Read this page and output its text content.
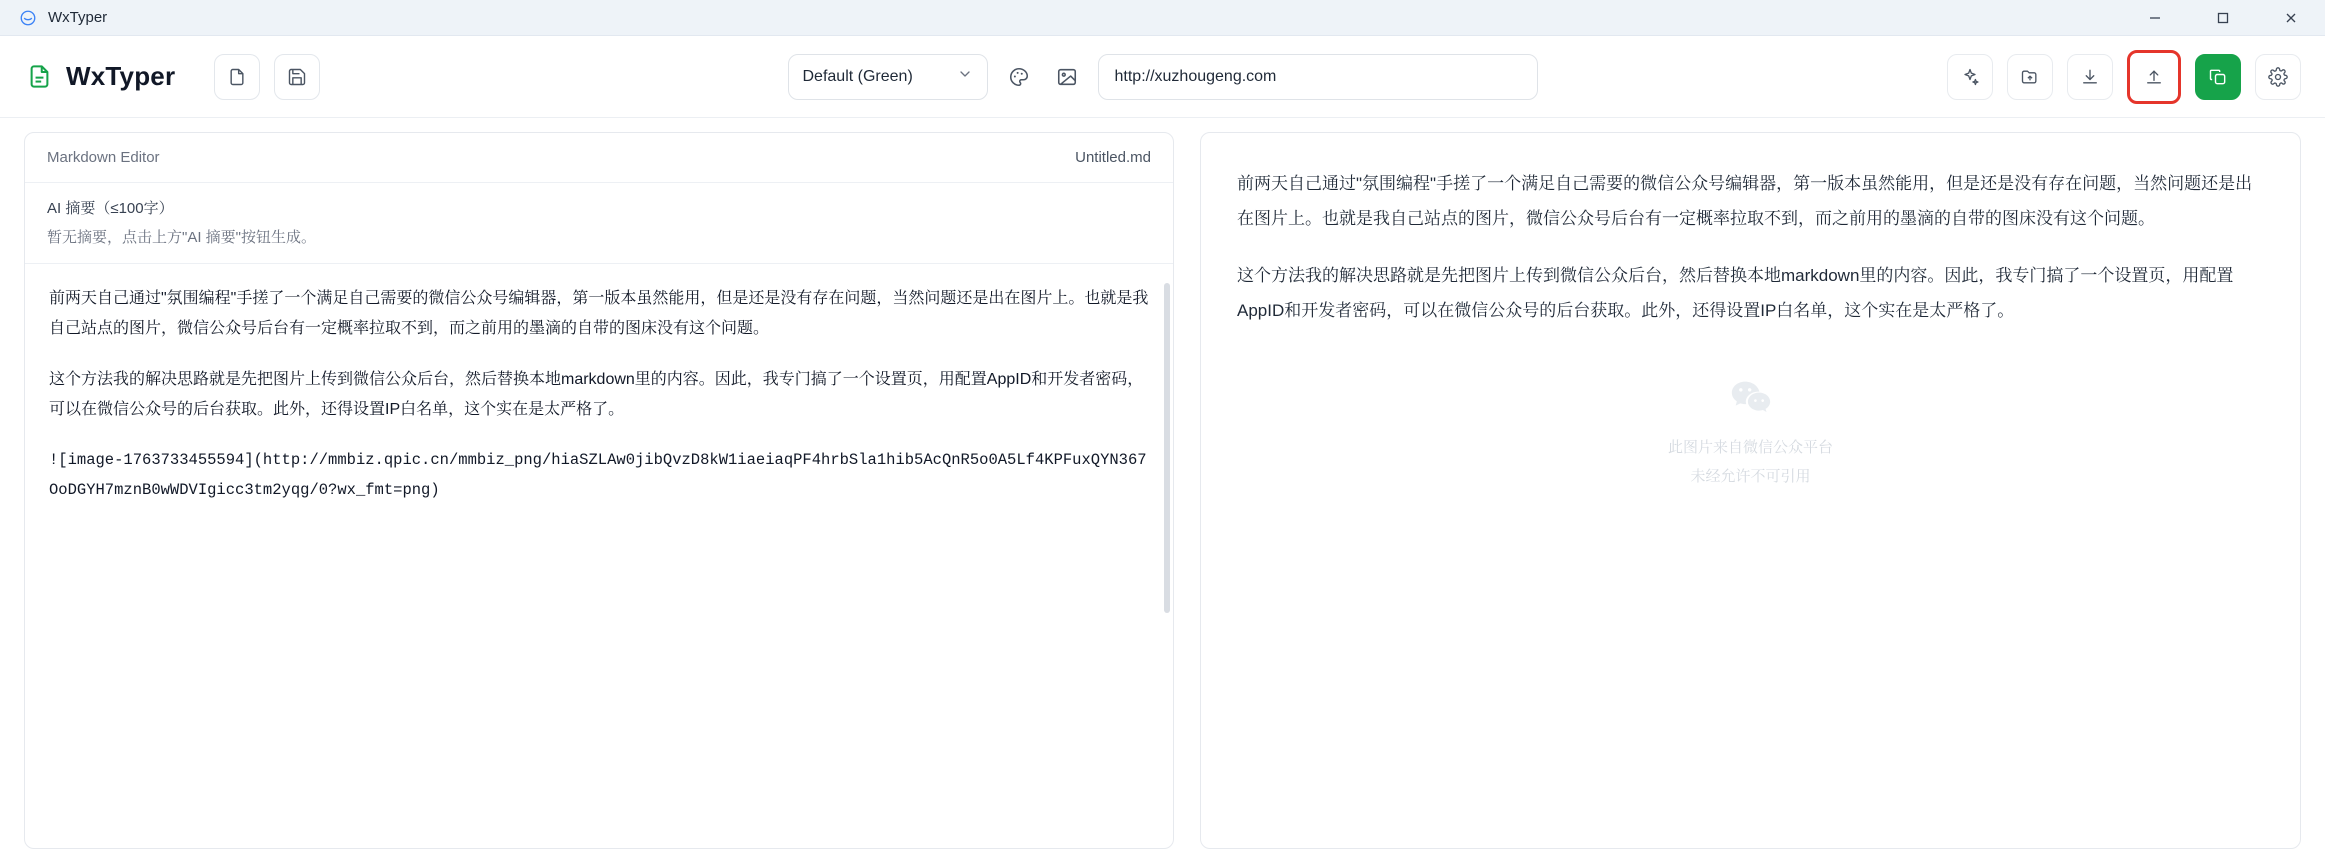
WxTyper
WxTyper	Default (Green)
http://xuzhougeng.com
Markdown Editor	Untitled.md
AI 摘要（≤100字）
暂无摘要，点击上方"AI 摘要"按钮生成。

前两天自己通过"氛围编程"手搓了一个满足自己需要的微信公众号编辑器，第一版本虽然能用，但是还是没有存在问题，当然问题还是出在图片上。也就是我自己站点的图片，微信公众号后台有一定概率拉取不到，而之前用的墨滴的自带的图床没有这个问题。

这个方法我的解决思路就是先把图片上传到微信公众后台，然后替换本地markdown里的内容。因此，我专门搞了一个设置页，用配置AppID和开发者密码，可以在微信公众号的后台获取。此外，还得设置IP白名单，这个实在是太严格了。

![image-1763733455594](http://mmbiz.qpic.cn/mmbiz_png/hiaSZLAw0jibQvzD8kW1iaeiaqPF4hrbSla1hib5AcQnR5o0A5Lf4KPFuxQYN367OoDGYH7mznB0wWDVIgicc3tm2yqg/0?wx_fmt=png)

前两天自己通过"氛围编程"手搓了一个满足自己需要的微信公众号编辑器，第一版本虽然能用，但是还是没有存在问题，当然问题还是出在图片上。也就是我自己站点的图片，微信公众号后台有一定概率拉取不到，而之前用的墨滴的自带的图床没有这个问题。

这个方法我的解决思路就是先把图片上传到微信公众后台，然后替换本地markdown里的内容。因此，我专门搞了一个设置页，用配置AppID和开发者密码，可以在微信公众号的后台获取。此外，还得设置IP白名单，这个实在是太严格了。

此图片来自微信公众平台
未经允许不可引用
